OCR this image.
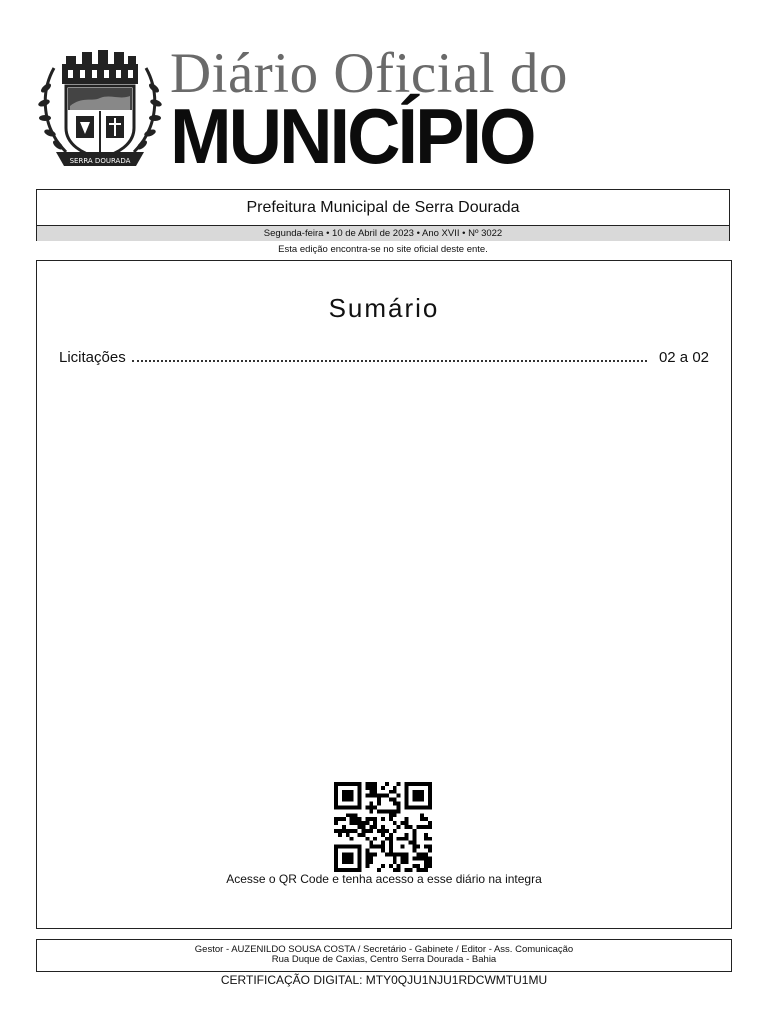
SERRA DOURADA
Diário Oficial do
MUNICÍPIO
Prefeitura Municipal de Serra Dourada
Segunda-feira • 10 de Abril de 2023 • Ano XVII • Nº 3022
Esta edição encontra-se no site oficial deste ente.
Sumário
Licitações	02 a 02
Acesse o QR Code e tenha acesso a esse diário na integra
Gestor - AUZENILDO SOUSA COSTA / Secretário - Gabinete / Editor - Ass. Comunicação
Rua Duque de Caxias, Centro Serra Dourada - Bahia
CERTIFICAÇÃO DIGITAL: MTY0QJU1NJU1RDCWMTU1MU
